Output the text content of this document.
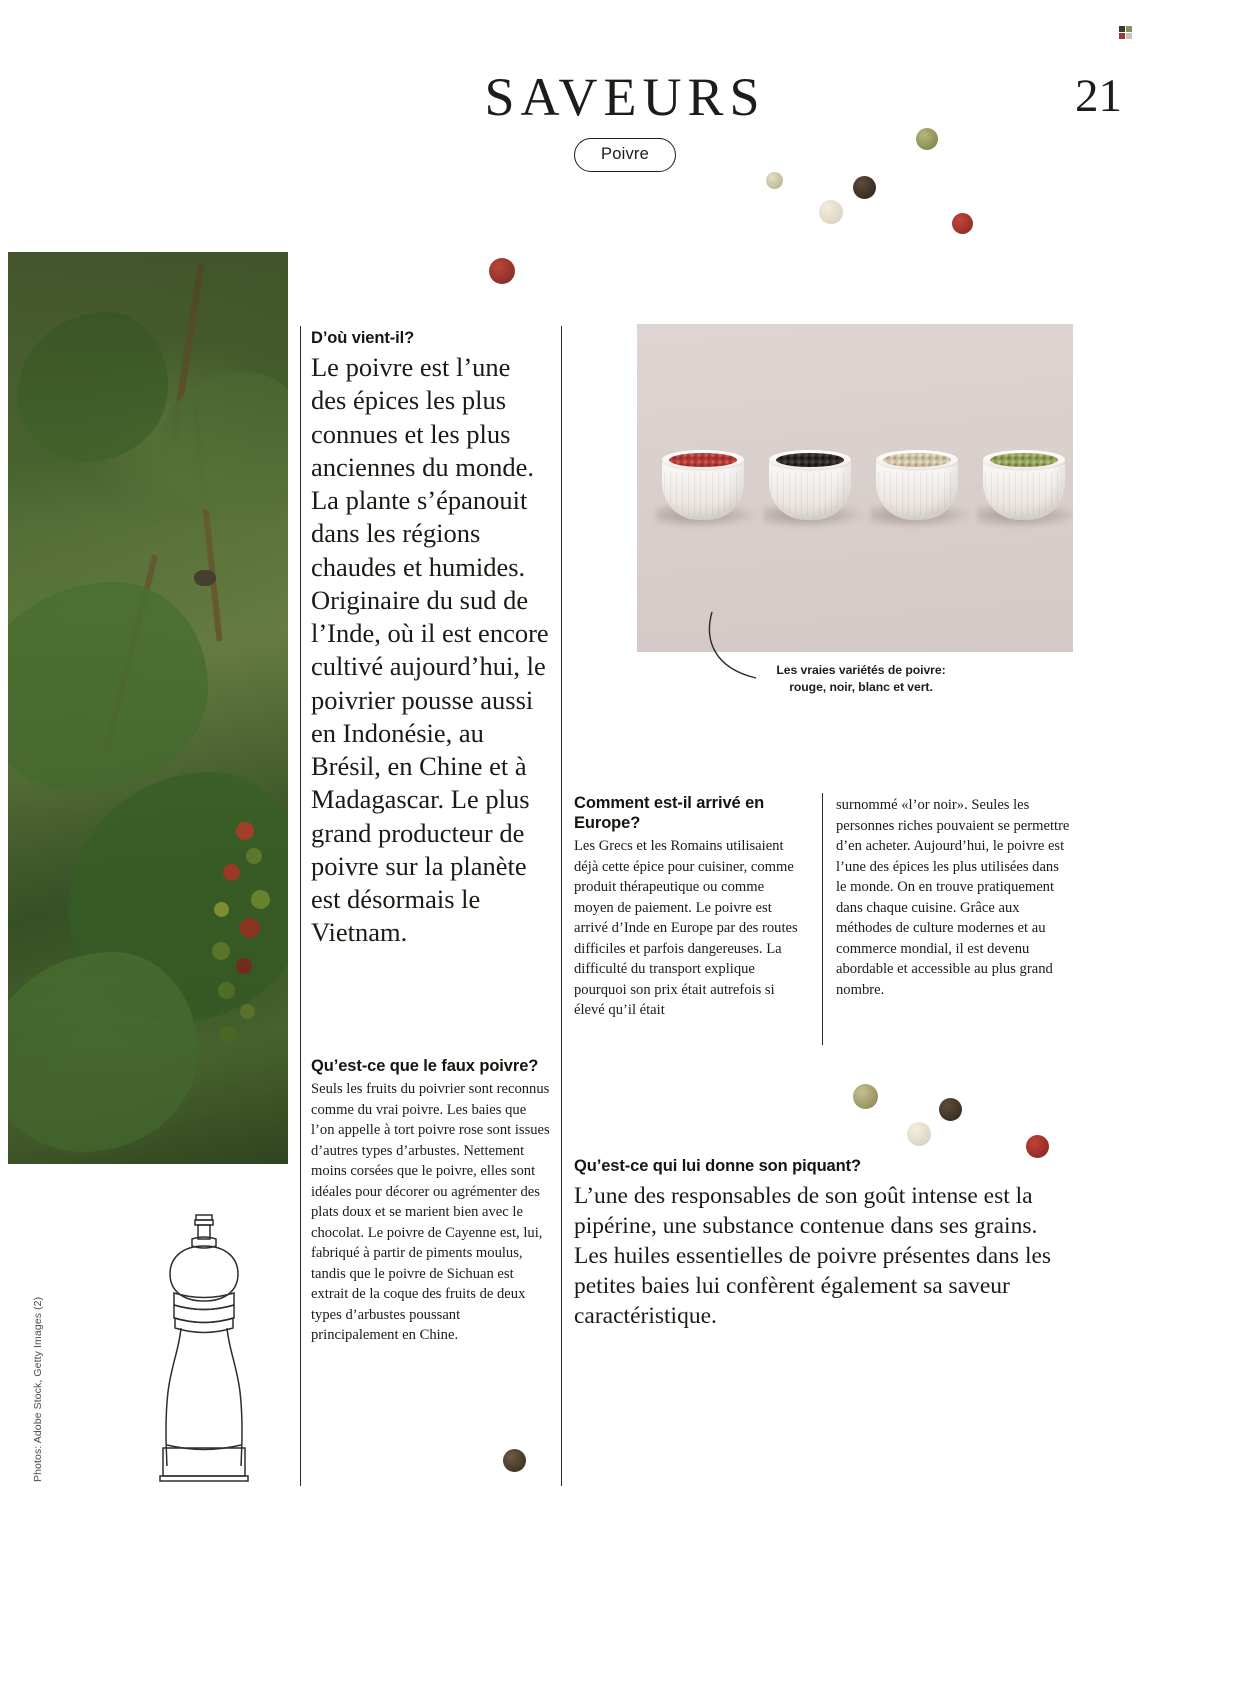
SAVEURS
Poivre
21
Photos: Adobe Stock, Getty Images (2)

D’où vient-il?

Le poivre est l’une des épices les plus connues et les plus anciennes du monde. La plante s’épanouit dans les régions chaudes et humides. Originaire du sud de l’Inde, où il est encore cultivé aujourd’hui, le poivrier pousse aussi en Indonésie, au Brésil, en Chine et à Madagascar. Le plus grand producteur de poivre sur la planète est désormais le Vietnam.

Qu’est-ce que le faux poivre?

Seuls les fruits du poivrier sont reconnus comme du vrai poivre. Les baies que l’on appelle à tort poivre rose sont issues d’autres types d’arbustes. Nettement moins corsées que le poivre, elles sont idéales pour décorer ou agrémenter des plats doux et se marient bien avec le chocolat. Le poivre de Cayenne est, lui, fabriqué à partir de piments moulus, tandis que le poivre de Sichuan est extrait de la coque des fruits de deux types d’arbustes poussant principalement en Chine.

Les vraies variétés de poivre: rouge, noir, blanc et vert.

Comment est-il arrivé en Europe?

Les Grecs et les Romains utilisaient déjà cette épice pour cuisiner, comme produit thérapeutique ou comme moyen de paiement. Le poivre est arrivé d’Inde en Europe par des routes difficiles et parfois dangereuses. La difficulté du transport explique pourquoi son prix était autrefois si élevé qu’il était

surnommé «l’or noir». Seules les personnes riches pouvaient se permettre d’en acheter. Aujourd’hui, le poivre est l’une des épices les plus utilisées dans le monde. On en trouve pratiquement dans chaque cuisine. Grâce aux méthodes de culture modernes et au commerce mondial, il est devenu abordable et accessible au plus grand nombre.

Qu’est-ce qui lui donne son piquant?

L’une des responsables de son goût intense est la pipérine, une substance contenue dans ses grains. Les huiles essentielles de poivre présentes dans les petites baies lui confèrent également sa saveur caractéristique.
